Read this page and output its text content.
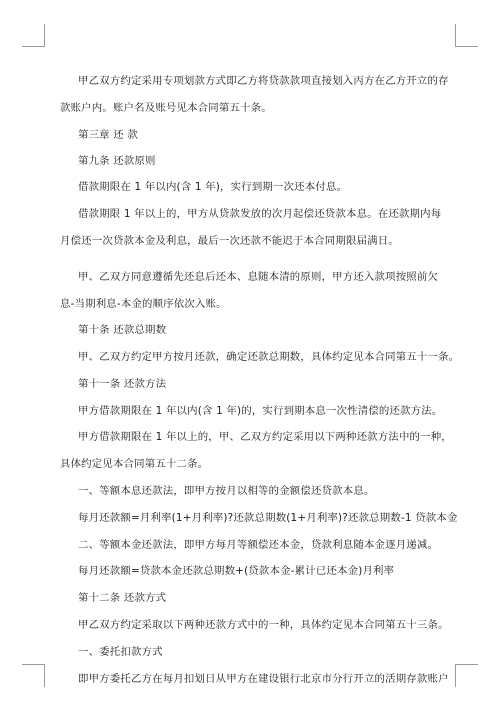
甲乙双方约定采用专项划款方式即乙方将贷款款项直接划入丙方在乙方开立的存
款账户内。账户名及账号见本合同第五十条。
第三章 还 款
第九条 还款原则
借款期限在 1 年以内(含 1 年)，实行到期一次还本付息。
借款期限 1 年以上的，甲方从贷款发放的次月起偿还贷款本息。在还款期内每
月偿还一次贷款本金及利息，最后一次还款不能迟于本合同期限届满日。
甲、乙双方同意遵循先还息后还本、息随本清的原则，甲方还入款项按照前欠
息-当期利息-本金的顺序依次入账。
第十条 还款总期数
甲、乙双方约定甲方按月还款，确定还款总期数，具体约定见本合同第五十一条。
第十一条 还款方法
甲方借款期限在 1 年以内(含 1 年)的，实行到期本息一次性清偿的还款方法。
甲方借款期限在 1 年以上的，甲、乙双方约定采用以下两种还款方法中的一种，
具体约定见本合同第五十二条。
一、等额本息还款法，即甲方按月以相等的金额偿还贷款本息。
每月还款额=月利率(1+月利率)?还款总期数(1+月利率)?还款总期数-1 贷款本金
二、等额本金还款法，即甲方每月等额偿还本金，贷款利息随本金逐月递减。
每月还款额=贷款本金还款总期数+(贷款本金-累计已还本金)月利率
第十二条 还款方式
甲乙双方约定采取以下两种还款方式中的一种，具体约定见本合同第五十三条。
一、委托扣款方式
即甲方委托乙方在每月扣划日从甲方在建设银行北京市分行开立的活期存款账户
